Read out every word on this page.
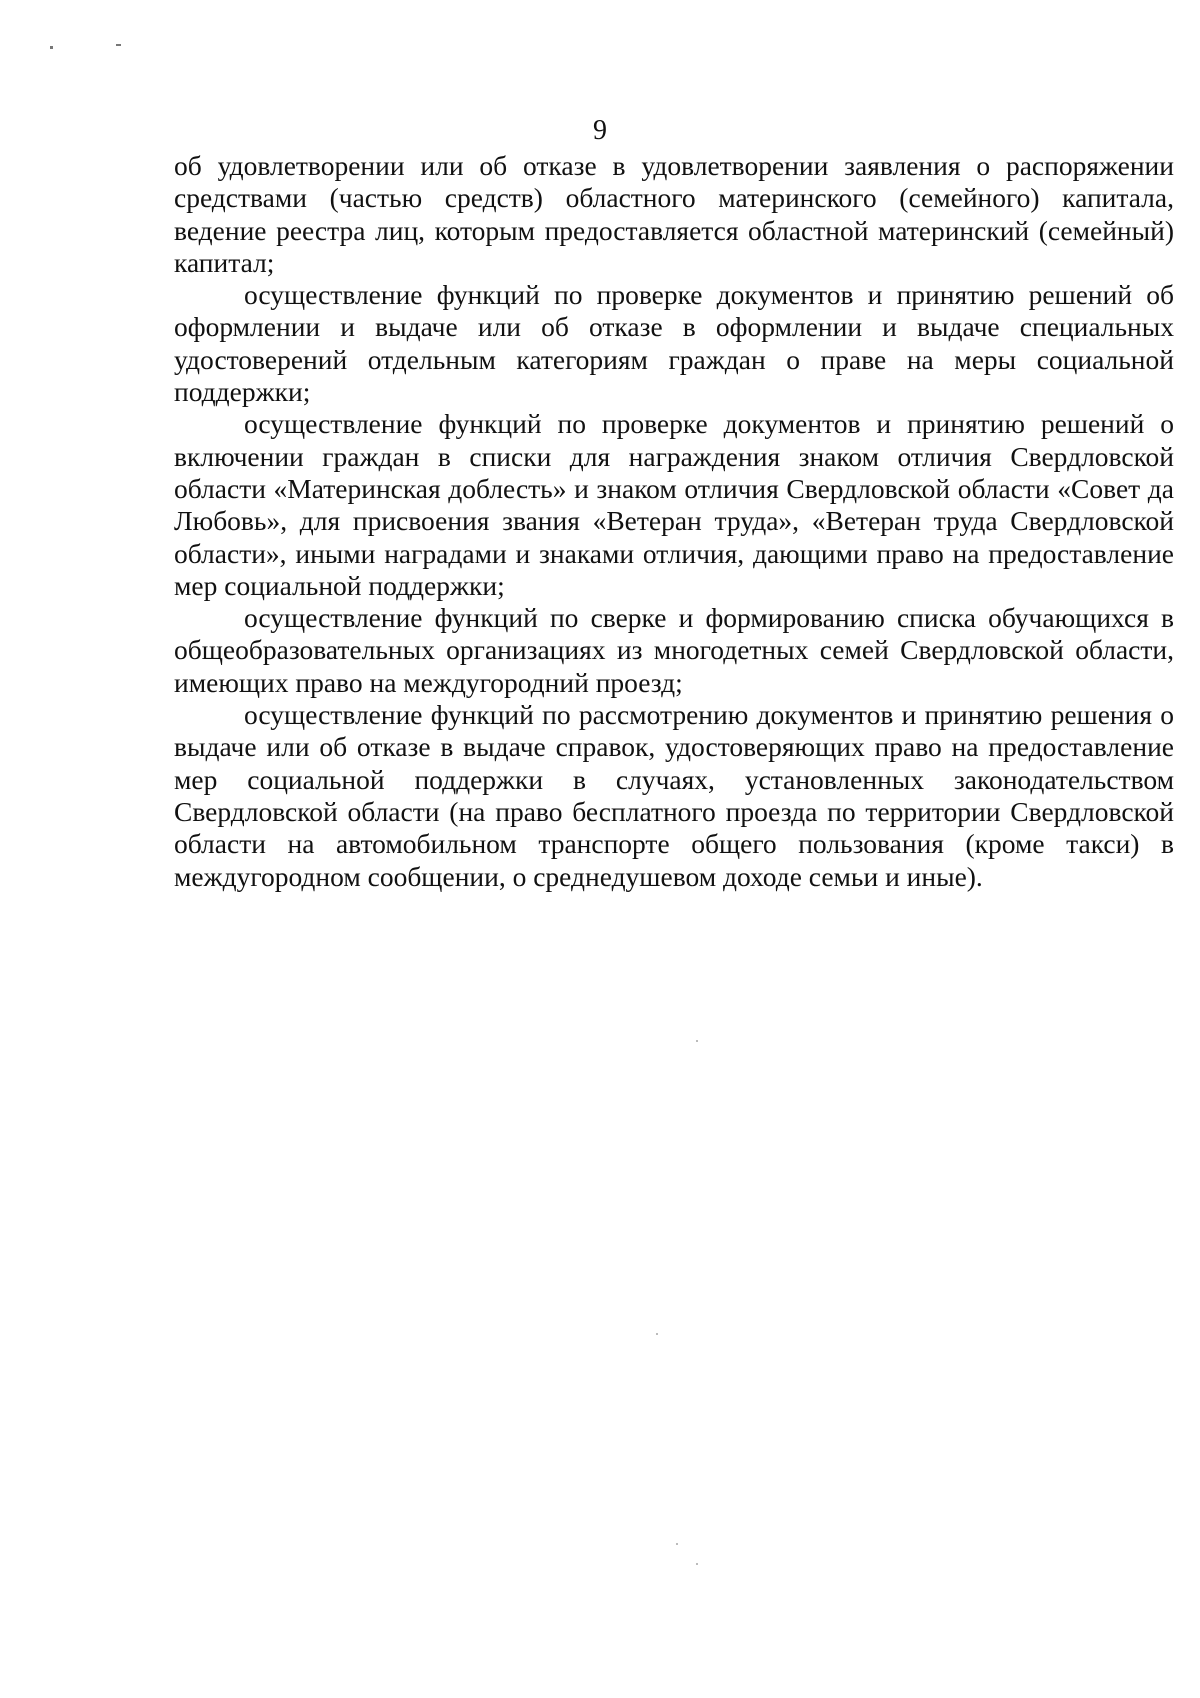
9

об удовлетворении или об отказе в удовлетворении заявления о распоряжении средствами (частью средств) областного материнского (семейного) капитала, ведение реестра лиц, которым предоставляется областной материнский (семейный) капитал;

осуществление функций по проверке документов и принятию решений об оформлении и выдаче или об отказе в оформлении и выдаче специальных удостоверений отдельным категориям граждан о праве на меры социальной поддержки;

осуществление функций по проверке документов и принятию решений о включении граждан в списки для награждения знаком отличия Свердловской области «Материнская доблесть» и знаком отличия Свердловской области «Совет да Любовь», для присвоения звания «Ветеран труда», «Ветеран труда Свердловской области», иными наградами и знаками отличия, дающими право на предоставление мер социальной поддержки;

осуществление функций по сверке и формированию списка обучающихся в общеобразовательных организациях из многодетных семей Свердловской области, имеющих право на междугородний проезд;

осуществление функций по рассмотрению документов и принятию решения о выдаче или об отказе в выдаче справок, удостоверяющих право на предоставление мер социальной поддержки в случаях, установленных законодательством Свердловской области (на право бесплатного проезда по территории Свердловской области на автомобильном транспорте общего пользования (кроме такси) в междугородном сообщении, о среднедушевом доходе семьи и иные).
